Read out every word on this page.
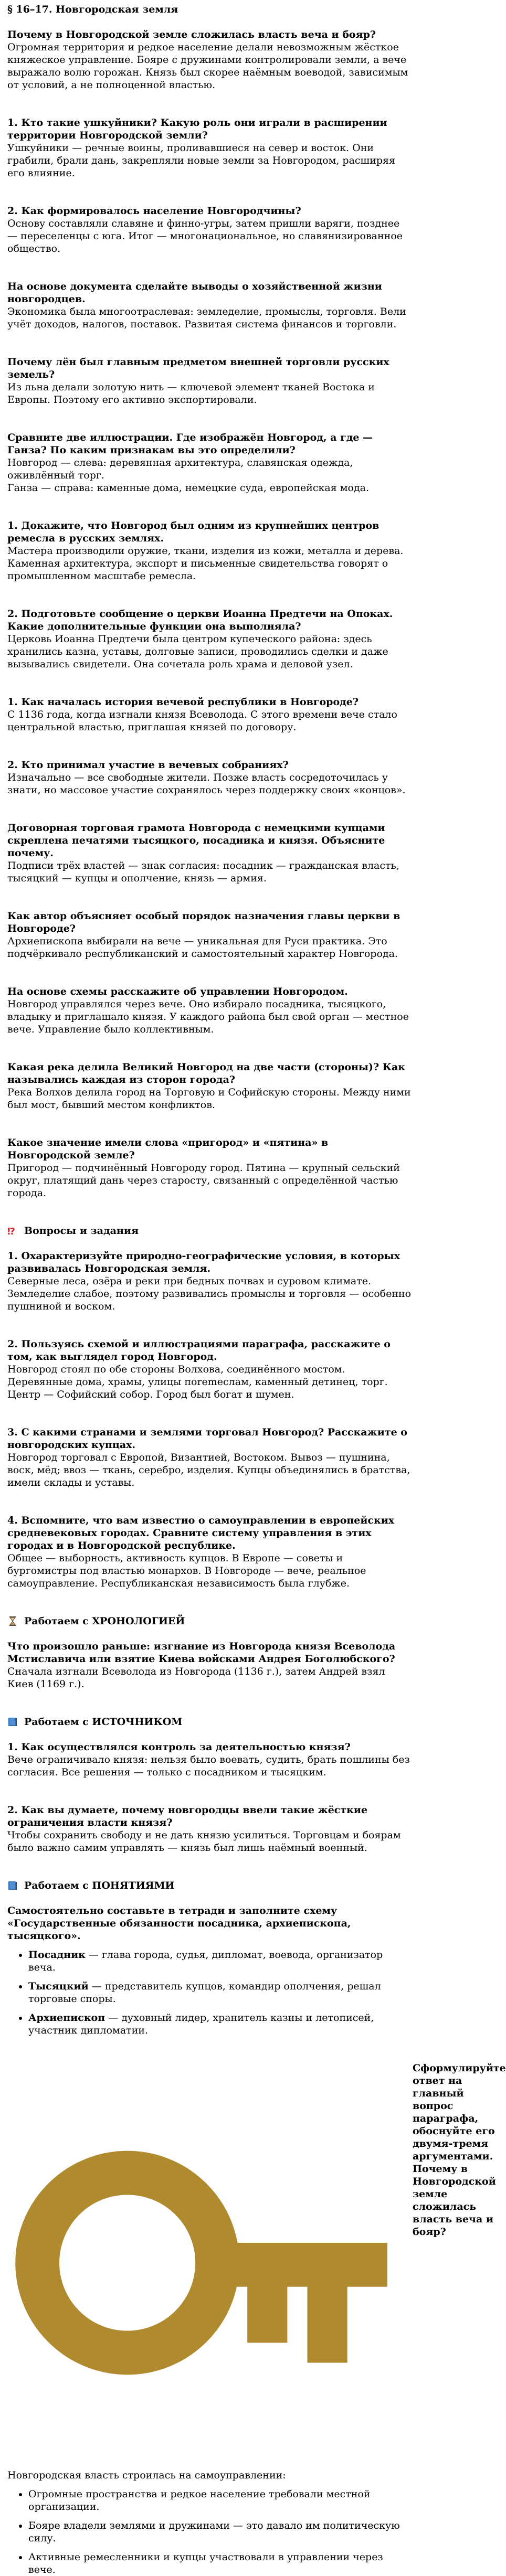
§ 16–17. Новгородская земля

Почему в Новгородской земле сложилась власть веча и бояр?

Огромная территория и редкое население делали невозможным жёсткое княжеское управление. Бояре с дружинами контролировали земли, а вече выражало волю горожан. Князь был скорее наёмным воеводой, зависимым от условий, а не полноценной властью.

1. Кто такие ушкуйники? Какую роль они играли в расширении территории Новгородской земли?

Ушкуйники — речные воины, проливавшиеся на север и восток. Они грабили, брали дань, закрепляли новые земли за Новгородом, расширяя его влияние.

2. Как формировалось население Новгородчины?

Основу составляли славяне и финно-угры, затем пришли варяги, позднее — переселенцы с юга. Итог — многонациональное, но славянизированное общество.

На основе документа сделайте выводы о хозяйственной жизни новгородцев.

Экономика была многоотраслевая: земледелие, промыслы, торговля. Вели учёт доходов, налогов, поставок. Развитая система финансов и торговли.

Почему лён был главным предметом внешней торговли русских земель?

Из льна делали золотую нить — ключевой элемент тканей Востока и Европы. Поэтому его активно экспортировали.

Сравните две иллюстрации. Где изображён Новгород, а где — Ганза? По каким признакам вы это определили?

Новгород — слева: деревянная архитектура, славянская одежда, оживлённый торг.
Ганза — справа: каменные дома, немецкие суда, европейская мода.

1. Докажите, что Новгород был одним из крупнейших центров ремесла в русских землях.

Мастера производили оружие, ткани, изделия из кожи, металла и дерева. Каменная архитектура, экспорт и письменные свидетельства говорят о промышленном масштабе ремесла.

2. Подготовьте сообщение о церкви Иоанна Предтечи на Опоках. Какие дополнительные функции она выполняла?

Церковь Иоанна Предтечи была центром купеческого района: здесь хранились казна, уставы, долговые записи, проводились сделки и даже вызывались свидетели. Она сочетала роль храма и деловой узел.

1. Как началась история вечевой республики в Новгороде?

С 1136 года, когда изгнали князя Всеволода. С этого времени вече стало центральной властью, приглашая князей по договору.

2. Кто принимал участие в вечевых собраниях?

Изначально — все свободные жители. Позже власть сосредоточилась у знати, но массовое участие сохранялось через поддержку своих «концов».

Договорная торговая грамота Новгорода с немецкими купцами скреплена печатями тысяцкого, посадника и князя. Объясните почему.

Подписи трёх властей — знак согласия: посадник — гражданская власть, тысяцкий — купцы и ополчение, князь — армия.

Как автор объясняет особый порядок назначения главы церкви в Новгороде?

Архиепископа выбирали на вече — уникальная для Руси практика. Это подчёркивало республиканский и самостоятельный характер Новгорода.

На основе схемы расскажите об управлении Новгородом.

Новгород управлялся через вече. Оно избирало посадника, тысяцкого, владыку и приглашало князя. У каждого района был свой орган — местное вече. Управление было коллективным.

Какая река делила Великий Новгород на две части (стороны)? Как назывались каждая из сторон города?

Река Волхов делила город на Торговую и Софийскую стороны. Между ними был мост, бывший местом конфликтов.

Какое значение имели слова «пригород» и «пятина» в Новгородской земле?

Пригород — подчинённый Новгороду город. Пятина — крупный сельский округ, платящий дань через старосту, связанный с определённой частью города.

⁉ Вопросы и задания

1. Охарактеризуйте природно-географические условия, в которых развивалась Новгородская земля.

Северные леса, озёра и реки при бедных почвах и суровом климате. Земледелие слабое, поэтому развивались промыслы и торговля — особенно пушниной и воском.

2. Пользуясь схемой и иллюстрациями параграфа, расскажите о том, как выглядел город Новгород.

Новгород стоял по обе стороны Волхова, соединённого мостом. Деревянные дома, храмы, улицы поremeслам, каменный детинец, торг. Центр — Софийский собор. Город был богат и шумен.

3. С какими странами и землями торговал Новгород? Расскажите о новгородских купцах.

Новгород торговал с Европой, Византией, Востоком. Вывоз — пушнина, воск, мёд; ввоз — ткань, серебро, изделия. Купцы объединялись в братства, имели склады и уставы.

4. Вспомните, что вам известно о самоуправлении в европейских средневековых городах. Сравните систему управления в этих городах и в Новгородской республике.

Общее — выборность, активность купцов. В Европе — советы и бургомистры под властью монархов. В Новгороде — вече, реальное самоуправление. Республиканская независимость была глубже.

Работаем с ХРОНОЛОГИЕЙ

Что произошло раньше: изгнание из Новгорода князя Всеволода Мстиславича или взятие Киева войсками Андрея Боголюбского?

Сначала изгнали Всеволода из Новгорода (1136 г.), затем Андрей взял Киев (1169 г.).

Работаем с ИСТОЧНИКОМ

1. Как осуществлялся контроль за деятельностью князя?

Вече ограничивало князя: нельзя было воевать, судить, брать пошлины без согласия. Все решения — только с посадником и тысяцким.

2. Как вы думаете, почему новгородцы ввели такие жёсткие ограничения власти князя?

Чтобы сохранить свободу и не дать князю усилиться. Торговцам и боярам было важно самим управлять — князь был лишь наёмный военный.

Работаем с ПОНЯТИЯМИ

Самостоятельно составьте в тетради и заполните схему «Государственные обязанности посадника, архиепископа, тысяцкого».

• Посадник — глава города, судья, дипломат, воевода, организатор веча.
• Тысяцкий — представитель купцов, командир ополчения, решал торговые споры.
• Архиепископ — духовный лидер, хранитель казны и летописей, участник дипломатии.

Сформулируйте ответ на главный вопрос параграфа, обоснуйте его двумя-тремя аргументами. Почему в Новгородской земле сложилась власть веча и бояр?

Новгородская власть строилась на самоуправлении:

• Огромные пространства и редкое население требовали местной организации.
• Бояре владели землями и дружинами — это давало им политическую силу.
• Активные ремесленники и купцы участвовали в управлении через вече.
